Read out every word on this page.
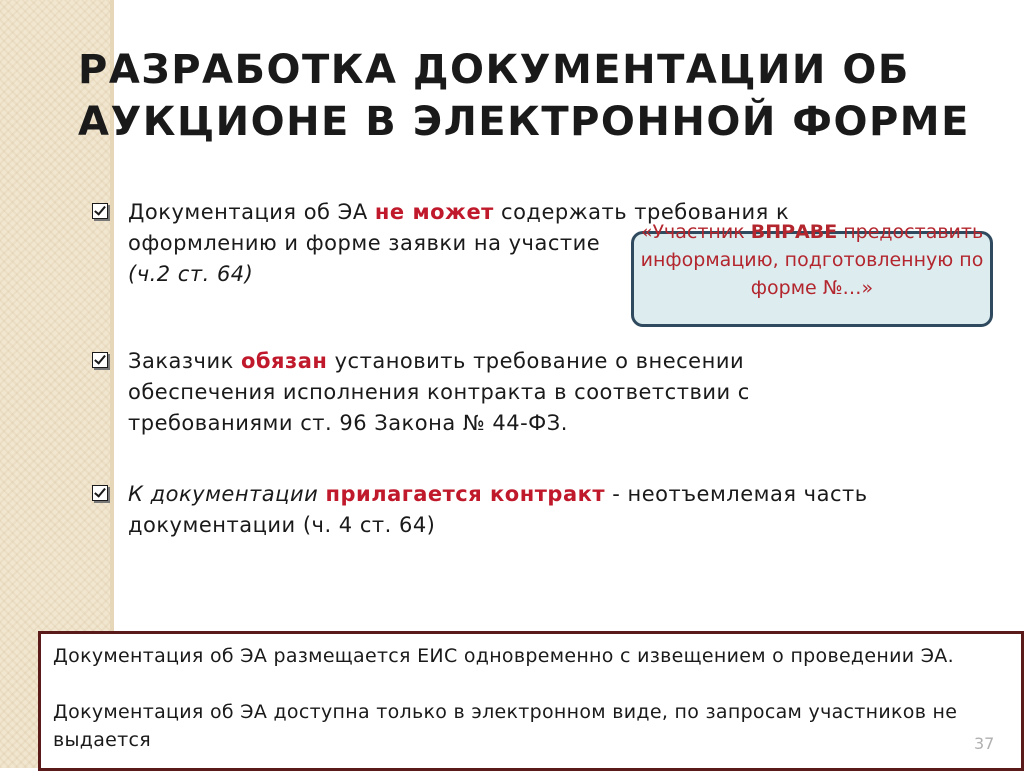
РАЗРАБОТКА ДОКУМЕНТАЦИИ ОБ АУКЦИОНЕ В ЭЛЕКТРОННОЙ ФОРМЕ
Документация об ЭА не может содержать требования к оформлению и форме заявки на участие
(ч.2 ст. 64)
Заказчик обязан установить требование о внесении обеспечения исполнения контракта в соответствии с требованиями ст. 96 Закона № 44-ФЗ.
К документации прилагается контракт - неотъемлемая часть документации (ч. 4 ст. 64)
«Участник ВПРАВЕ предоставить информацию, подготовленную по форме №…»

Документация об ЭА размещается ЕИС одновременно с извещением о проведении ЭА.

Документация об ЭА доступна только в электронном виде, по запросам участников не выдается	37
